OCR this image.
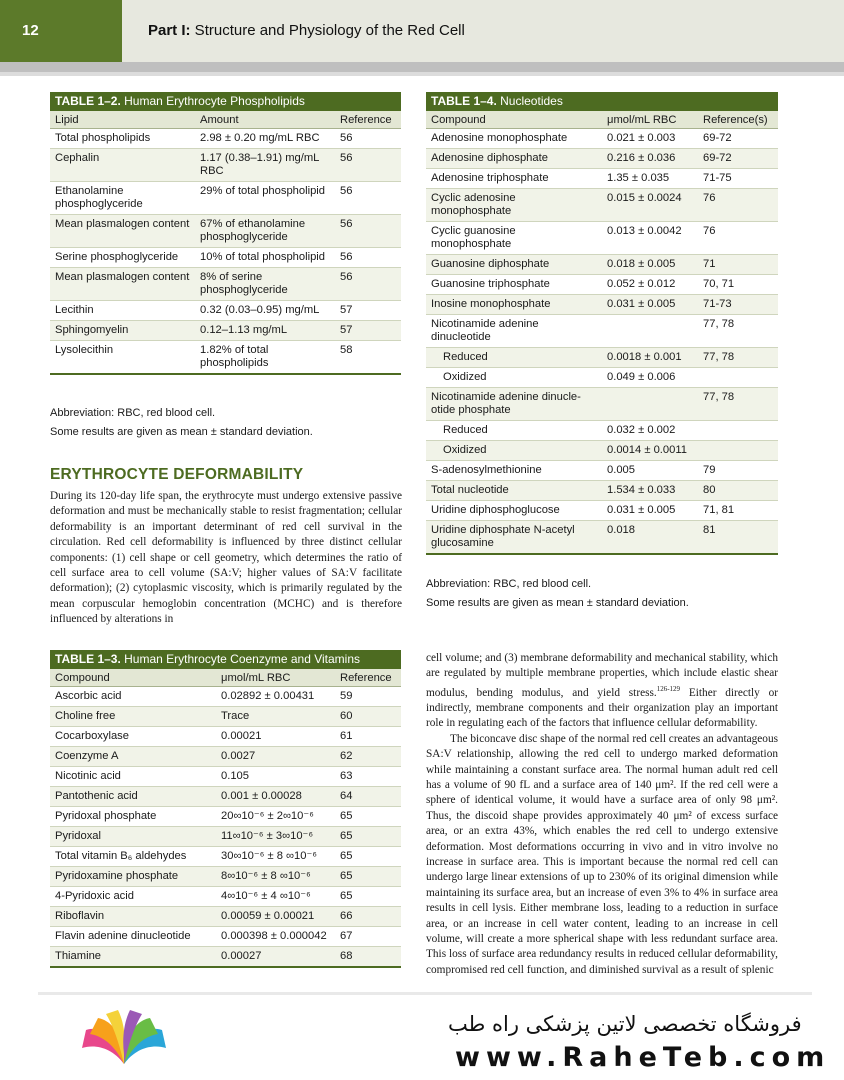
12	Part I: Structure and Physiology of the Red Cell
TABLE 1–2. Human Erythrocyte Phospholipids
Lipid	Amount	Reference
Total phospholipids	2.98 ± 0.20 mg/mL RBC	56
Cephalin	1.17 (0.38–1.91) mg/mL RBC	56
Ethanolamine phosphoglyceride	29% of total phospholipid	56
Mean plasmalogen content	67% of ethanolamine phosphoglyceride	56
Serine phosphoglyceride	10% of total phospholipid	56
Mean plasmalogen content	8% of serine phosphoglyceride	56
Lecithin	0.32 (0.03–0.95) mg/mL	57
Sphingomyelin	0.12–1.13 mg/mL	57
Lysolecithin	1.82% of total phospholipids	58
Abbreviation: RBC, red blood cell.
Some results are given as mean ± standard deviation.
ERYTHROCYTE DEFORMABILITY

During its 120-day life span, the erythrocyte must undergo extensive passive deformation and must be mechanically stable to resist fragmentation; cellular deformability is an important determinant of red cell survival in the circulation. Red cell deformability is influenced by three distinct cellular components: (1) cell shape or cell geometry, which determines the ratio of cell surface area to cell volume (SA:V; higher values of SA:V facilitate deformation); (2) cytoplasmic viscosity, which is primarily regulated by the mean corpuscular hemoglobin concentration (MCHC) and is therefore influenced by alterations in

TABLE 1–4. Nucleotides
Compound	μmol/mL RBC	Reference(s)
Adenosine monophosphate	0.021 ± 0.003	69-72
Adenosine diphosphate	0.216 ± 0.036	69-72
Adenosine triphosphate	1.35 ± 0.035	71-75
Cyclic adenosine monophosphate	0.015 ± 0.0024	76
Cyclic guanosine monophosphate	0.013 ± 0.0042	76
Guanosine diphosphate	0.018 ± 0.005	71
Guanosine triphosphate	0.052 ± 0.012	70, 71
Inosine monophosphate	0.031 ± 0.005	71-73
Nicotinamide adenine dinucleotide		77, 78
Reduced	0.0018 ± 0.001	77, 78
Oxidized	0.049 ± 0.006	
Nicotinamide adenine dinucle-otide phosphate		77, 78
Reduced	0.032 ± 0.002	
Oxidized	0.0014 ± 0.0011	
S-adenosylmethionine	0.005	79
Total nucleotide	1.534 ± 0.033	80
Uridine diphosphoglucose	0.031 ± 0.005	71, 81
Uridine diphosphate N-acetyl glucosamine	0.018	81
Abbreviation: RBC, red blood cell.
Some results are given as mean ± standard deviation.
TABLE 1–3. Human Erythrocyte Coenzyme and Vitamins
Compound	μmol/mL RBC	Reference
Ascorbic acid	0.02892 ± 0.00431	59
Choline free	Trace	60
Cocarboxylase	0.00021	61
Coenzyme A	0.0027	62
Nicotinic acid	0.105	63
Pantothenic acid	0.001 ± 0.00028	64
Pyridoxal phosphate	20∞10⁻⁶ ± 2∞10⁻⁶	65
Pyridoxal	11∞10⁻⁶ ± 3∞10⁻⁶	65
Total vitamin B₆ aldehydes	30∞10⁻⁶ ± 8 ∞10⁻⁶	65
Pyridoxamine phosphate	8∞10⁻⁶ ± 8 ∞10⁻⁶	65
4-Pyridoxic acid	4∞10⁻⁶ ± 4 ∞10⁻⁶	65
Riboflavin	0.00059 ± 0.00021	66
Flavin adenine dinucleotide	0.000398 ± 0.000042	67
Thiamine	0.00027	68

cell volume; and (3) membrane deformability and mechanical stability, which are regulated by multiple membrane properties, which include elastic shear modulus, bending modulus, and yield stress.$^{126-129}$ Either directly or indirectly, membrane components and their organization play an important role in regulating each of the factors that influence cellular deformability.

The biconcave disc shape of the normal red cell creates an advantageous SA:V relationship, allowing the red cell to undergo marked deformation while maintaining a constant surface area. The normal human adult red cell has a volume of 90 fL and a surface area of 140 μm². If the red cell were a sphere of identical volume, it would have a surface area of only 98 μm². Thus, the discoid shape provides approximately 40 μm² of excess surface area, or an extra 43%, which enables the red cell to undergo extensive deformation. Most deformations occurring in vivo and in vitro involve no increase in surface area. This is important because the normal red cell can undergo large linear extensions of up to 230% of its original dimension while maintaining its surface area, but an increase of even 3% to 4% in surface area results in cell lysis. Either membrane loss, leading to a reduction in surface area, or an increase in cell water content, leading to an increase in cell volume, will create a more spherical shape with less redundant surface area. This loss of surface area redundancy results in reduced cellular deformability, compromised red cell function, and diminished survival as a result of splenic

فروشگاه تخصصی لاتین پزشکی راه طب
www.RaheTeb.com
